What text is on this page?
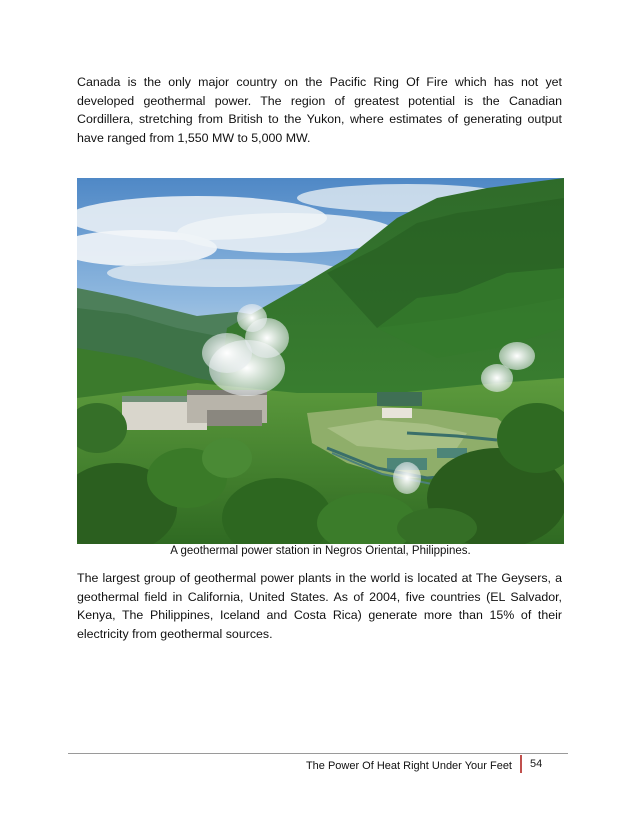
Canada is the only major country on the Pacific Ring Of Fire which has not yet developed geothermal power. The region of greatest potential is the Canadian Cordillera, stretching from British to the Yukon, where estimates of generating output have ranged from 1,550 MW to 5,000 MW.

A geothermal power station in Negros Oriental, Philippines.

The largest group of geothermal power plants in the world is located at The Geysers, a geothermal field in California, United States. As of 2004, five countries (EL Salvador, Kenya, The Philippines, Iceland and Costa Rica) generate more than 15% of their electricity from geothermal sources.

The Power Of Heat Right Under Your Feet	54
